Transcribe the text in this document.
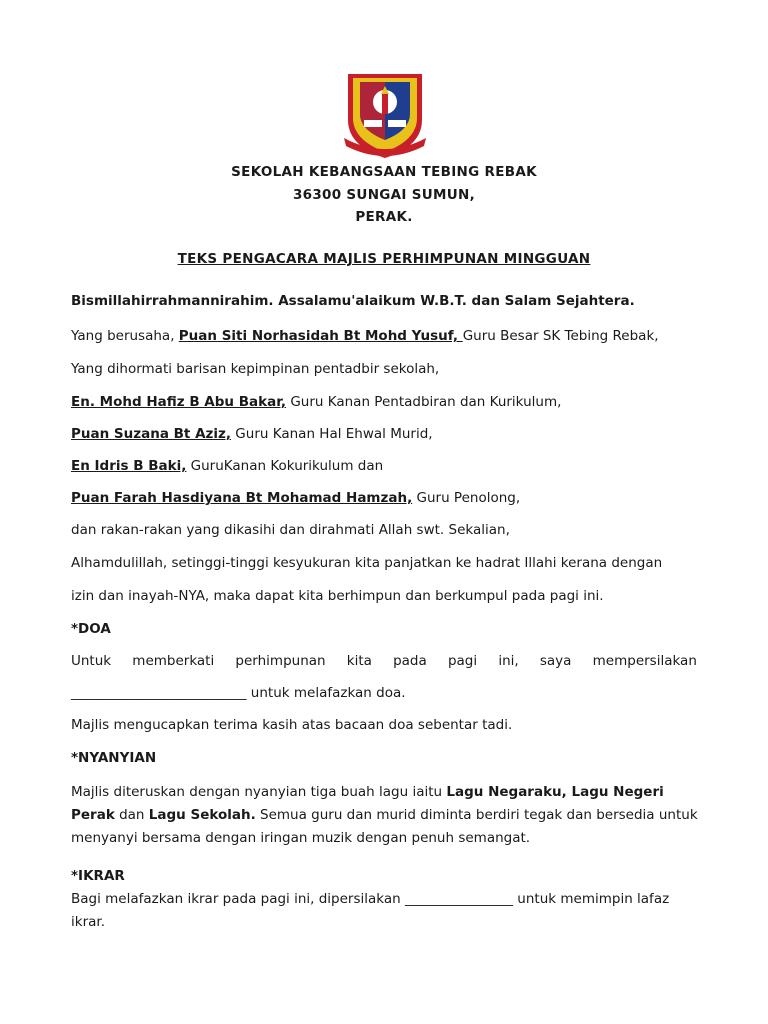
SEKOLAH KEBANGSAAN TEBING REBAK
36300 SUNGAI SUMUN,
PERAK.
TEKS PENGACARA MAJLIS PERHIMPUNAN MINGGUAN
Bismillahirrahmannirahim. Assalamu'alaikum W.B.T. dan Salam Sejahtera.
Yang berusaha, Puan Siti Norhasidah Bt Mohd Yusuf, Guru Besar SK Tebing Rebak,
Yang dihormati barisan kepimpinan pentadbir sekolah,
En. Mohd Hafiz B Abu Bakar, Guru Kanan Pentadbiran dan Kurikulum,
Puan Suzana Bt Aziz, Guru Kanan Hal Ehwal Murid,
En Idris B Baki, GuruKanan Kokurikulum dan
Puan Farah Hasdiyana Bt Mohamad Hamzah, Guru Penolong,
dan rakan-rakan yang dikasihi dan dirahmati Allah swt. Sekalian,
Alhamdulillah, setinggi-tinggi kesyukuran kita panjatkan ke hadrat Illahi kerana dengan
izin dan inayah-NYA, maka dapat kita berhimpun dan berkumpul pada pagi ini.
*DOA
Untuk memberkati perhimpunan kita pada pagi ini, saya mempersilakan
__________________________ untuk melafazkan doa.
Majlis mengucapkan terima kasih atas bacaan doa sebentar tadi.
*NYANYIAN
Majlis diteruskan dengan nyanyian tiga buah lagu iaitu Lagu Negaraku, Lagu Negeri Perak dan Lagu Sekolah. Semua guru dan murid diminta berdiri tegak dan bersedia untuk menyanyi bersama dengan iringan muzik dengan penuh semangat.
*IKRAR
Bagi melafazkan ikrar pada pagi ini, dipersilakan ________________ untuk memimpin lafaz ikrar.
